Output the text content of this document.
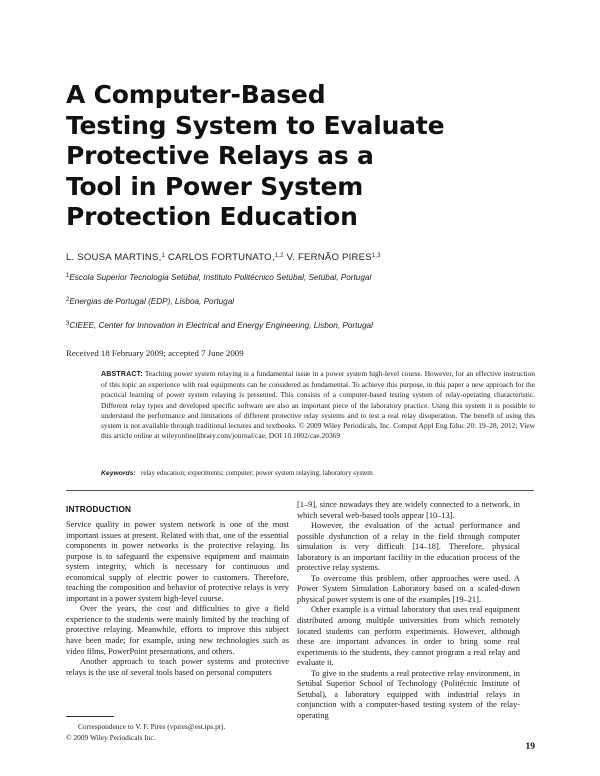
A Computer-Based
Testing System to Evaluate
Protective Relays as a
Tool in Power System
Protection Education
L. SOUSA MARTINS,$^1$ CARLOS FORTUNATO,$^{1,2}$ V. FERNÃO PIRES$^{1,3}$
$^1$Escola Superior Tecnologia Setúbal, Instituto Politécnico Setúbal, Setúbal, Portugal
$^2$Energias de Portugal (EDP), Lisboa, Portugal
$^3$CIEEE, Center for Innovation in Electrical and Energy Engineering, Lisbon, Portugal
Received 18 February 2009; accepted 7 June 2009

ABSTRACT: Teaching power system relaying is a fundamental issue in a power system high-level course. However, for an effective instruction of this topic an experience with real equipments can be considered as fundamental. To achieve this purpose, in this paper a new approach for the practical learning of power system relaying is presented. This consists of a computer-based testing system of relay-operating characteristic. Different relay types and developed specific software are also an important piece of the laboratory practice. Using this system it is possible to understand the performance and limitations of different protective relay systems and to test a real relay disoperation. The benefit of using this system is not available through traditional lectures and textbooks. © 2009 Wiley Periodicals, Inc. Comput Appl Eng Educ 20: 19–28, 2012; View this article online at wileyonlinelibrary.com/journal/cae; DOI 10.1002/cae.20369

Keywords: relay education; experiments; computer; power system relaying; laboratory system
INTRODUCTION

Service quality in power system network is one of the most important issues at present. Related with that, one of the essential components in power networks is the protective relaying. Its purpose is to safeguard the expensive equipment and maintain system integrity, which is necessary for continuous and economical supply of electric power to customers. Therefore, teaching the composition and behavior of protective relays is very important in a power system high-level course.

Over the years, the cost and difficulties to give a field experience to the students were mainly limited by the teaching of protective relaying. Meanwhile, efforts to improve this subject have been made; for example, using new technologies such as video films, PowerPoint presentations, and others.

Another approach to teach power systems and protective relays is the use of several tools based on personal computers

[1–9], since nowadays they are widely connected to a network, in which several web-based tools appear [10–13].

However, the evaluation of the actual performance and possible dysfunction of a relay in the field through computer simulation is very difficult [14–18]. Therefore, physical laboratory is an important facility in the education process of the protective relay systems.

To overcome this problem, other approaches were used. A Power System Simulation Laboratory based on a scaled-down physical power system is one of the examples [19–21].

Other example is a virtual laboratory that uses real equipment distributed among multiple universities from which remotely located students can perform experiments. However, although these are important advances in order to bring some real experiments to the students, they cannot program a real relay and evaluate it.

To give to the students a real protective relay environment, in Setúbal Superior School of Technology (Politécnic Institute of Setubal), a laboratory equipped with industrial relays in conjunction with a computer-based testing system of the relay-operating

Correspondence to V. F. Pires (vpires@est.ips.pt).
© 2009 Wiley Periodicals Inc.
19
